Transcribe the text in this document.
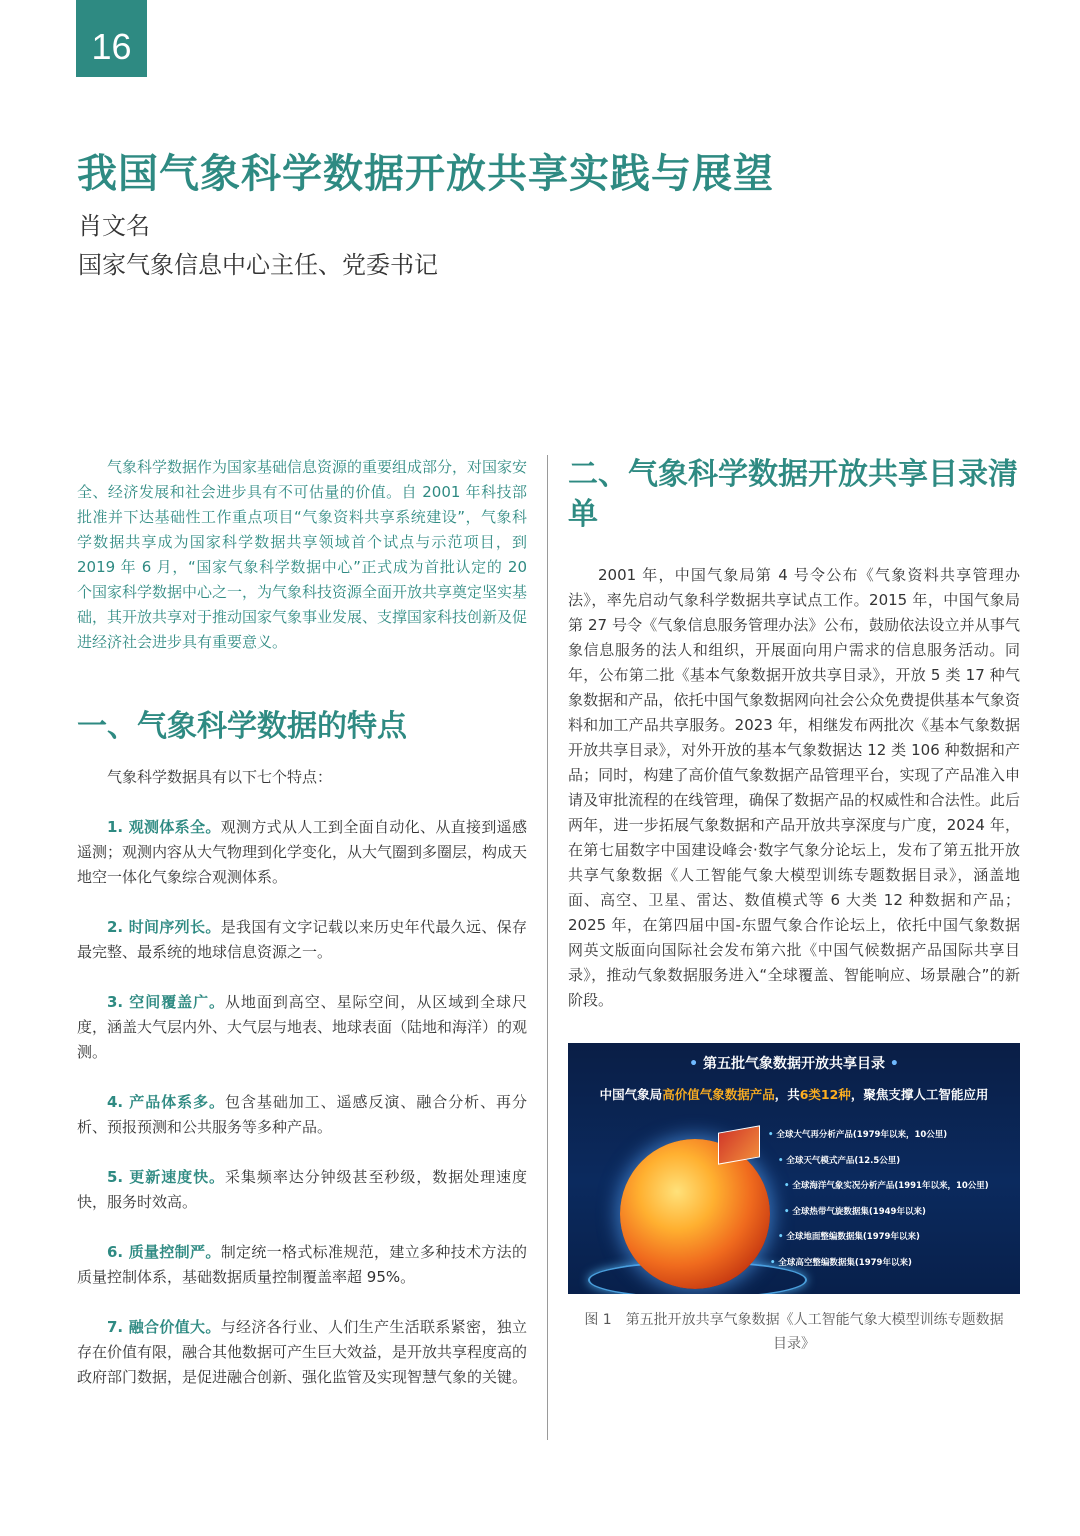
16
我国气象科学数据开放共享实践与展望
肖文名
国家气象信息中心主任、党委书记

气象科学数据作为国家基础信息资源的重要组成部分，对国家安全、经济发展和社会进步具有不可估量的价值。自 2001 年科技部批准并下达基础性工作重点项目“气象资料共享系统建设”，气象科学数据共享成为国家科学数据共享领域首个试点与示范项目，到 2019 年 6 月，“国家气象科学数据中心”正式成为首批认定的 20 个国家科学数据中心之一，为气象科技资源全面开放共享奠定坚实基础，其开放共享对于推动国家气象事业发展、支撑国家科技创新及促进经济社会进步具有重要意义。

一、气象科学数据的特点

气象科学数据具有以下七个特点：

1. 观测体系全。观测方式从人工到全面自动化、从直接到遥感遥测；观测内容从大气物理到化学变化，从大气圈到多圈层，构成天地空一体化气象综合观测体系。

2. 时间序列长。是我国有文字记载以来历史年代最久远、保存最完整、最系统的地球信息资源之一。

3. 空间覆盖广。从地面到高空、星际空间，从区域到全球尺度，涵盖大气层内外、大气层与地表、地球表面（陆地和海洋）的观测。

4. 产品体系多。包含基础加工、遥感反演、融合分析、再分析、预报预测和公共服务等多种产品。

5. 更新速度快。采集频率达分钟级甚至秒级，数据处理速度快，服务时效高。

6. 质量控制严。制定统一格式标准规范，建立多种技术方法的质量控制体系，基础数据质量控制覆盖率超 95%。

7. 融合价值大。与经济各行业、人们生产生活联系紧密，独立存在价值有限，融合其他数据可产生巨大效益，是开放共享程度高的政府部门数据，是促进融合创新、强化监管及实现智慧气象的关键。

二、气象科学数据开放共享目录清单

2001 年，中国气象局第 4 号令公布《气象资料共享管理办法》，率先启动气象科学数据共享试点工作。2015 年，中国气象局第 27 号令《气象信息服务管理办法》公布，鼓励依法设立并从事气象信息服务的法人和组织，开展面向用户需求的信息服务活动。同年，公布第二批《基本气象数据开放共享目录》，开放 5 类 17 种气象数据和产品，依托中国气象数据网向社会公众免费提供基本气象资料和加工产品共享服务。2023 年，相继发布两批次《基本气象数据开放共享目录》，对外开放的基本气象数据达 12 类 106 种数据和产品；同时，构建了高价值气象数据产品管理平台，实现了产品准入申请及审批流程的在线管理，确保了数据产品的权威性和合法性。此后两年，进一步拓展气象数据和产品开放共享深度与广度，2024 年，在第七届数字中国建设峰会·数字气象分论坛上，发布了第五批开放共享气象数据《人工智能气象大模型训练专题数据目录》，涵盖地面、高空、卫星、雷达、数值模式等 6 大类 12 种数据和产品；2025 年，在第四届中国-东盟气象合作论坛上，依托中国气象数据网英文版面向国际社会发布第六批《中国气候数据产品国际共享目录》，推动气象数据服务进入“全球覆盖、智能响应、场景融合”的新阶段。

• 第五批气象数据开放共享目录 •
中国气象局高价值气象数据产品，共6类12种，聚焦支撑人工智能应用
• 全球大气再分析产品(1979年以来，10公里)
• 全球天气模式产品(12.5公里)
• 全球海洋气象实况分析产品(1991年以来，10公里)
• 全球热带气旋数据集(1949年以来)
• 全球地面整编数据集(1979年以来)
• 全球高空整编数据集(1979年以来)

图 1　第五批开放共享气象数据《人工智能气象大模型训练专题数据目录》
